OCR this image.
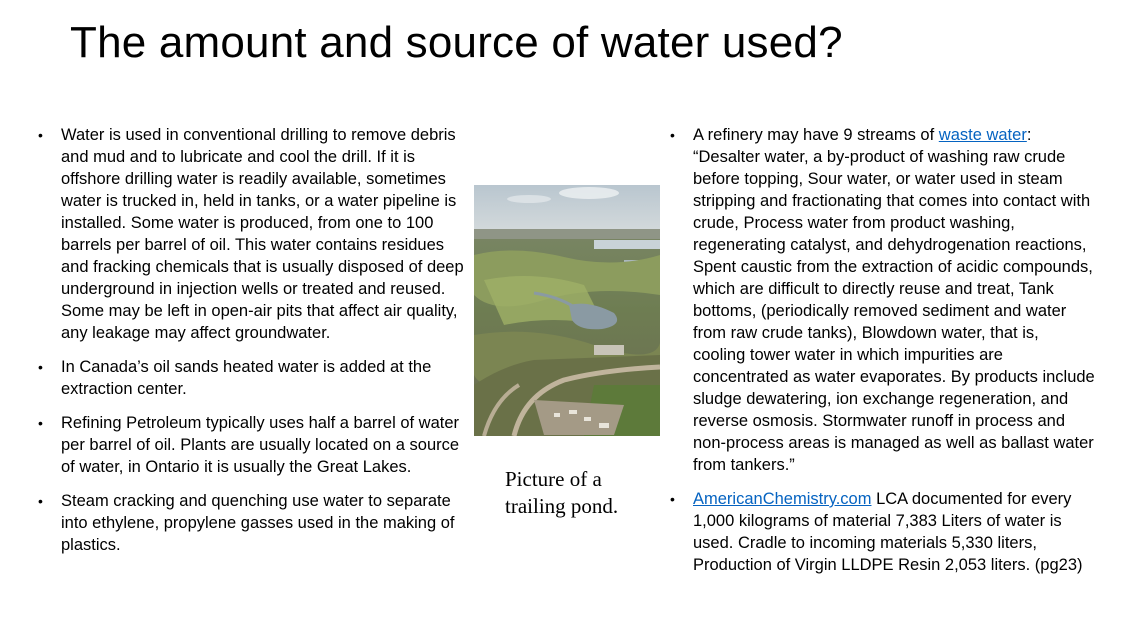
The amount and source of water used?
• Water is used in conventional drilling to remove debris and mud and to lubricate and cool the drill. If it is offshore drilling water is readily available, sometimes water is trucked in, held in tanks, or a water pipeline is installed. Some water is produced, from one to 100 barrels per barrel of oil. This water contains residues and fracking chemicals that is usually disposed of deep underground in injection wells or treated and reused. Some may be left in open-air pits that affect air quality, any leakage may affect groundwater.
• In Canada’s oil sands heated water is added at the extraction center.
• Refining Petroleum typically uses half a barrel of water per barrel of oil. Plants are usually located on a source of water, in Ontario it is usually the Great Lakes.
• Steam cracking and quenching use water to separate into ethylene, propylene gasses used in the making of plastics.
Picture of a trailing pond.
• A refinery may have 9 streams of waste water: “Desalter water, a by-product of washing raw crude before topping, Sour water, or water used in steam stripping and fractionating that comes into contact with crude, Process water from product washing, regenerating catalyst, and dehydrogenation reactions, Spent caustic from the extraction of acidic compounds, which are difficult to directly reuse and treat, Tank bottoms, (periodically removed sediment and water from raw crude tanks), Blowdown water, that is, cooling tower water in which impurities are concentrated as water evaporates. By products include sludge dewatering, ion exchange regeneration, and reverse osmosis. Stormwater runoff in process and non-process areas is managed as well as ballast water from tankers.”
• AmericanChemistry.com LCA documented for every 1,000 kilograms of material 7,383 Liters of water is used. Cradle to incoming materials 5,330 liters, Production of Virgin LLDPE Resin 2,053 liters. (pg23)
